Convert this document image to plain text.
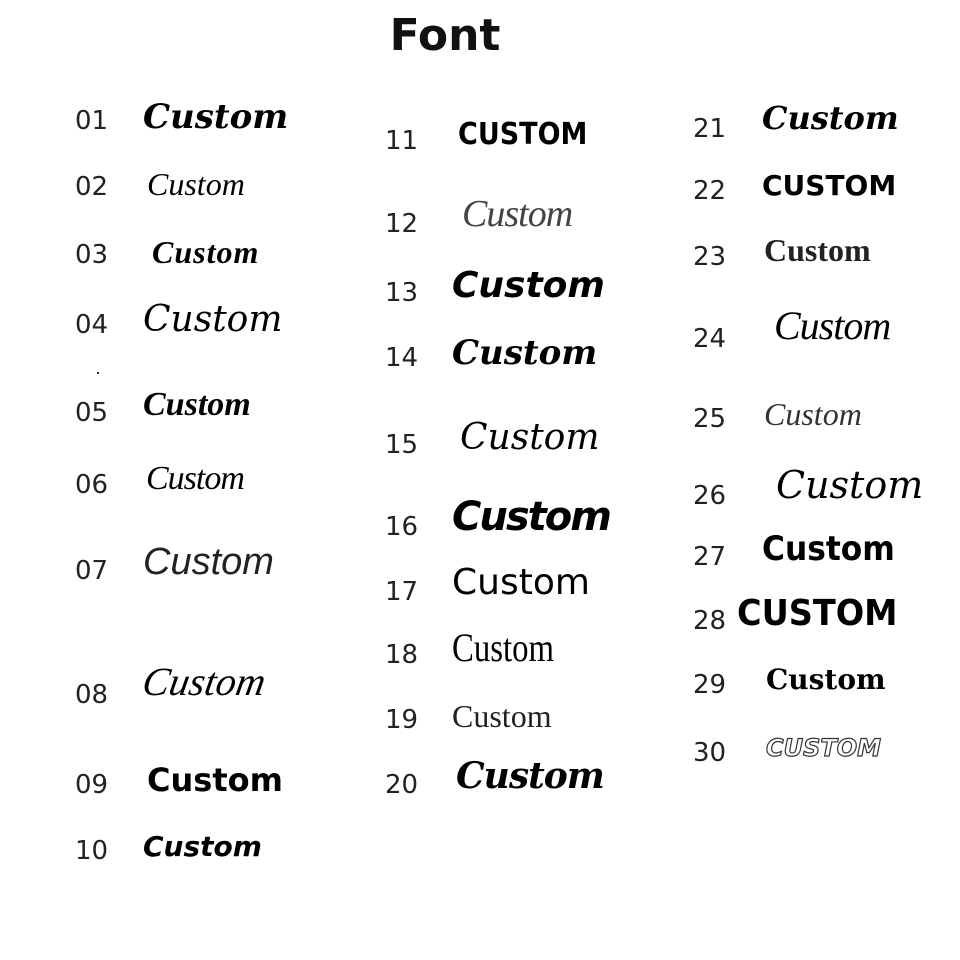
Font
01 Custom
02 Custom
03 Custom
04 Custom
05 Custom
06 Custom
07 Custom
08 Custom
09 Custom
10 Custom
11 CUSTOM
12 Custom
13 Custom
14 Custom
15 Custom
16 Custom
17 Custom
18 Custom
19 Custom
20 Custom
21 Custom
22 CUSTOM
23 Custom
24 Custom
25 Custom
26 Custom
27 Custom
28 CUSTOM
29 Custom
30 CUSTOM
